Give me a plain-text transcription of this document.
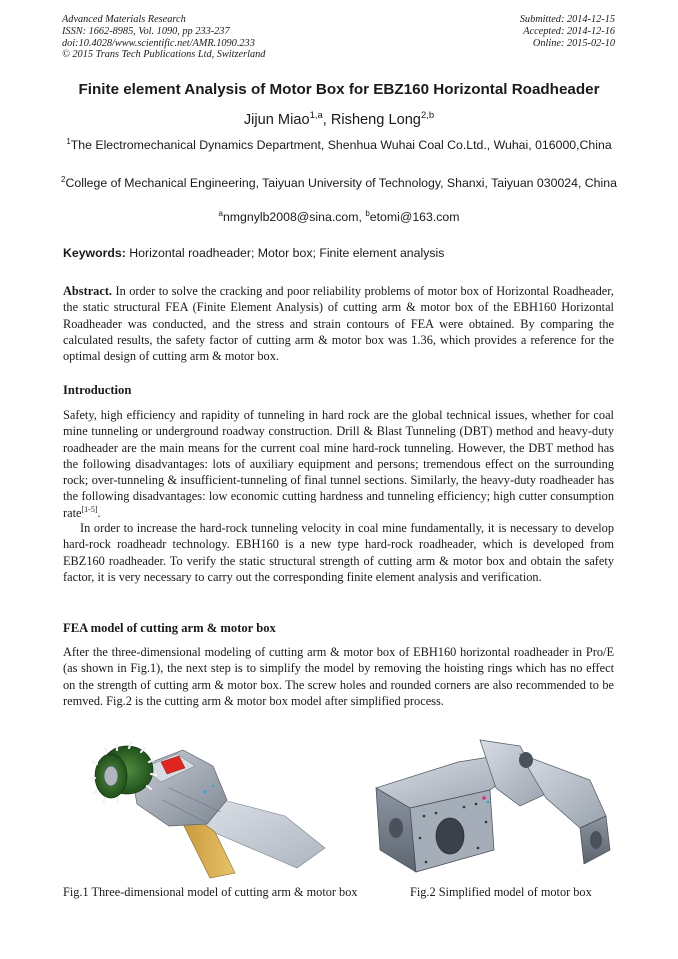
Advanced Materials Research
ISSN: 1662-8985, Vol. 1090, pp 233-237
doi:10.4028/www.scientific.net/AMR.1090.233
© 2015 Trans Tech Publications Ltd, Switzerland
Submitted: 2014-12-15
Accepted: 2014-12-16
Online: 2015-02-10
Finite element Analysis of Motor Box for EBZ160 Horizontal Roadheader
Jijun Miao$^{1,a}$, Risheng Long$^{2,b}$
$^1$The Electromechanical Dynamics Department, Shenhua Wuhai Coal Co.Ltd., Wuhai, 016000,China
$^2$College of Mechanical Engineering, Taiyuan University of Technology, Shanxi, Taiyuan 030024, China
$^a$nmgnylb2008@sina.com, $^b$etomi@163.com
Keywords: Horizontal roadheader; Motor box; Finite element analysis
Abstract. In order to solve the cracking and poor reliability problems of motor box of Horizontal Roadheader, the static structural FEA (Finite Element Analysis) of cutting arm & motor box of the EBH160 Horizontal Roadheader was conducted, and the stress and strain contours of FEA were obtained. By comparing the calculated results, the safety factor of cutting arm & motor box was 1.36, which provides a reference for the optimal design of cutting arm & motor box.
Introduction
Safety, high efficiency and rapidity of tunneling in hard rock are the global technical issues, whether for coal mine tunneling or underground roadway construction. Drill & Blast Tunneling (DBT) method and heavy-duty roadheader are the main means for the current coal mine hard-rock tunneling. However, the DBT method has the following disadvantages: lots of auxiliary equipment and persons; tremendous effect on the surrounding rock; over-tunneling & insufficient-tunneling of final tunnel sections. Similarly, the heavy-duty roadheader has the following disadvantages: low economic cutting hardness and tunneling efficiency; high cutter consumption rate[1-5].
In order to increase the hard-rock tunneling velocity in coal mine fundamentally, it is necessary to develop hard-rock roadheadr technology. EBH160 is a new type hard-rock roadheader, which is developed from EBZ160 roadheader. To verify the static structural strength of cutting arm & motor box and obtain the safety factor, it is very necessary to carry out the corresponding finite element analysis and verification.
FEA model of cutting arm & motor box
After the three-dimensional modeling of cutting arm & motor box of EBH160 horizontal roadheader in Pro/E (as shown in Fig.1), the next step is to simplify the model by removing the hoisting rings which has no effect on the strength of cutting arm & motor box. The screw holes and rounded corners are also recommended to be remved. Fig.2 is the cutting arm & motor box model after simplified process.
Fig.1 Three-dimensional model of cutting arm & motor box	Fig.2 Simplified model of motor box
